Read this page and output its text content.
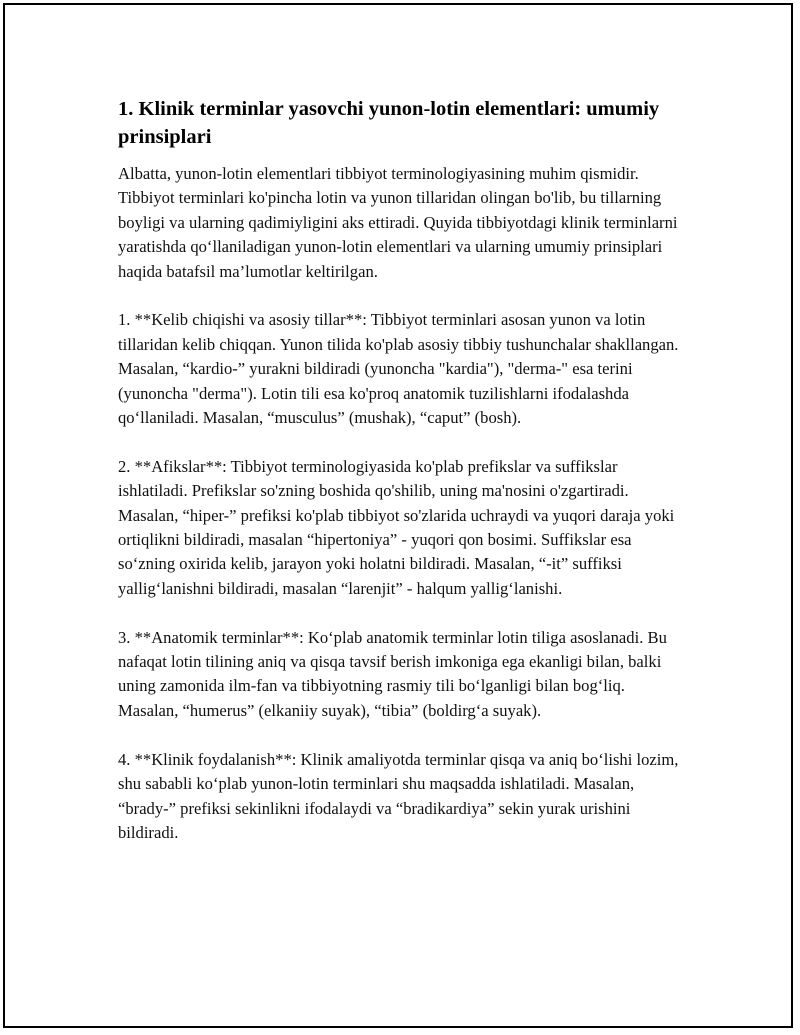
1. Klinik terminlar yasovchi yunon-lotin elementlari: umumiy prinsiplari

Albatta, yunon-lotin elementlari tibbiyot terminologiyasining muhim qismidir. Tibbiyot terminlari ko'pincha lotin va yunon tillaridan olingan bo'lib, bu tillarning boyligi va ularning qadimiyligini aks ettiradi. Quyida tibbiyotdagi klinik terminlarni yaratishda qo‘llaniladigan yunon-lotin elementlari va ularning umumiy prinsiplari haqida batafsil ma’lumotlar keltirilgan.

1. **Kelib chiqishi va asosiy tillar**: Tibbiyot terminlari asosan yunon va lotin tillaridan kelib chiqqan. Yunon tilida ko'plab asosiy tibbiy tushunchalar shakllangan. Masalan, “kardio-” yurakni bildiradi (yunoncha "kardia"), "derma-" esa terini (yunoncha "derma"). Lotin tili esa ko'proq anatomik tuzilishlarni ifodalashda qo‘llaniladi. Masalan, “musculus” (mushak), “caput” (bosh).

2. **Afikslar**: Tibbiyot terminologiyasida ko'plab prefikslar va suffikslar ishlatiladi. Prefikslar so'zning boshida qo'shilib, uning ma'nosini o'zgartiradi. Masalan, “hiper-” prefiksi ko'plab tibbiyot so'zlarida uchraydi va yuqori daraja yoki ortiqlikni bildiradi, masalan “hipertoniya” - yuqori qon bosimi. Suffikslar esa so‘zning oxirida kelib, jarayon yoki holatni bildiradi. Masalan, “-it” suffiksi yallig‘lanishni bildiradi, masalan “larenjit” - halqum yallig‘lanishi.

3. **Anatomik terminlar**: Ko‘plab anatomik terminlar lotin tiliga asoslanadi. Bu nafaqat lotin tilining aniq va qisqa tavsif berish imkoniga ega ekanligi bilan, balki uning zamonida ilm-fan va tibbiyotning rasmiy tili bo‘lganligi bilan bog‘liq. Masalan, “humerus” (elkaniiy suyak), “tibia” (boldirg‘a suyak).

4. **Klinik foydalanish**: Klinik amaliyotda terminlar qisqa va aniq bo‘lishi lozim, shu sababli ko‘plab yunon-lotin terminlari shu maqsadda ishlatiladi. Masalan, “brady-” prefiksi sekinlikni ifodalaydi va “bradikardiya” sekin yurak urishini bildiradi.
